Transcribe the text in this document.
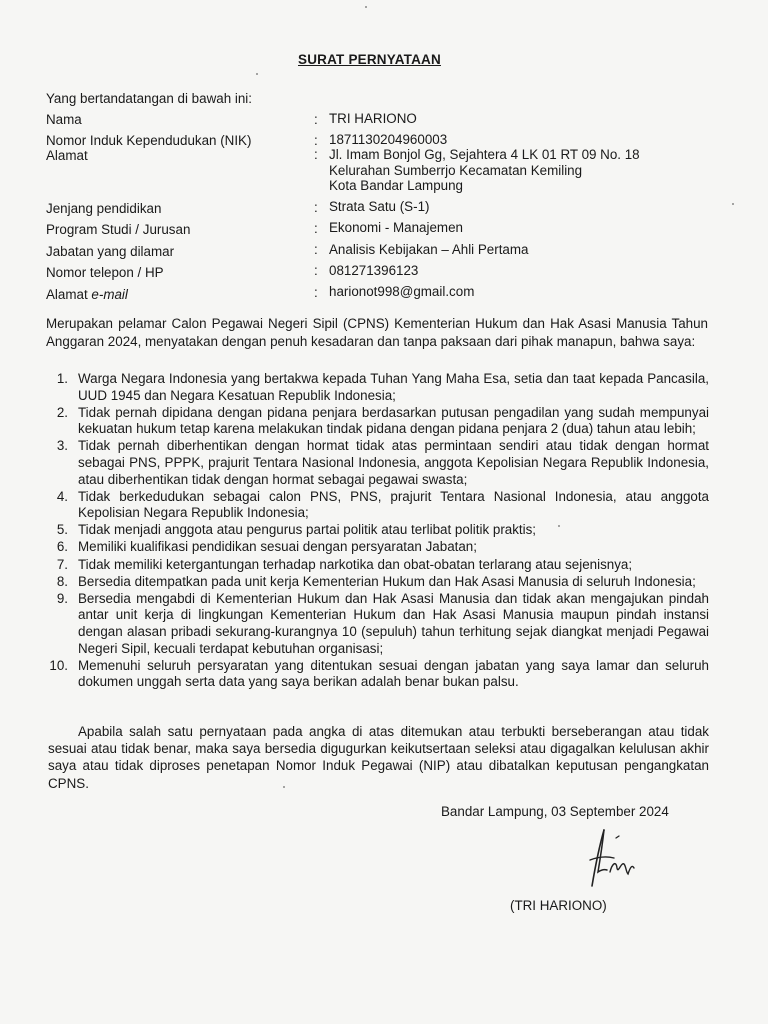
SURAT PERNYATAAN
Yang bertandatangan di bawah ini:
Nama	: TRI HARIONO
Nomor Induk Kependudukan (NIK)	: 1871130204960003
Alamat	: Jl. Imam Bonjol Gg, Sejahtera 4 LK 01 RT 09 No. 18
Kelurahan Sumberrjo Kecamatan Kemiling
Kota Bandar Lampung
Jenjang pendidikan	: Strata Satu (S-1)
Program Studi / Jurusan	: Ekonomi - Manajemen
Jabatan yang dilamar	: Analisis Kebijakan – Ahli Pertama
Nomor telepon / HP	: 081271396123
Alamat e-mail	: harionot998@gmail.com
Merupakan pelamar Calon Pegawai Negeri Sipil (CPNS) Kementerian Hukum dan Hak Asasi Manusia Tahun Anggaran 2024, menyatakan dengan penuh kesadaran dan tanpa paksaan dari pihak manapun, bahwa saya:
1. Warga Negara Indonesia yang bertakwa kepada Tuhan Yang Maha Esa, setia dan taat kepada Pancasila, UUD 1945 dan Negara Kesatuan Republik Indonesia;
2. Tidak pernah dipidana dengan pidana penjara berdasarkan putusan pengadilan yang sudah mempunyai kekuatan hukum tetap karena melakukan tindak pidana dengan pidana penjara 2 (dua) tahun atau lebih;
3. Tidak pernah diberhentikan dengan hormat tidak atas permintaan sendiri atau tidak dengan hormat sebagai PNS, PPPK, prajurit Tentara Nasional Indonesia, anggota Kepolisian Negara Republik Indonesia, atau diberhentikan tidak dengan hormat sebagai pegawai swasta;
4. Tidak berkedudukan sebagai calon PNS, PNS, prajurit Tentara Nasional Indonesia, atau anggota Kepolisian Negara Republik Indonesia;
5. Tidak menjadi anggota atau pengurus partai politik atau terlibat politik praktis;
6. Memiliki kualifikasi pendidikan sesuai dengan persyaratan Jabatan;
7. Tidak memiliki ketergantungan terhadap narkotika dan obat-obatan terlarang atau sejenisnya;
8. Bersedia ditempatkan pada unit kerja Kementerian Hukum dan Hak Asasi Manusia di seluruh Indonesia;
9. Bersedia mengabdi di Kementerian Hukum dan Hak Asasi Manusia dan tidak akan mengajukan pindah antar unit kerja di lingkungan Kementerian Hukum dan Hak Asasi Manusia maupun pindah instansi dengan alasan pribadi sekurang-kurangnya 10 (sepuluh) tahun terhitung sejak diangkat menjadi Pegawai Negeri Sipil, kecuali terdapat kebutuhan organisasi;
10. Memenuhi seluruh persyaratan yang ditentukan sesuai dengan jabatan yang saya lamar dan seluruh dokumen unggah serta data yang saya berikan adalah benar bukan palsu.
Apabila salah satu pernyataan pada angka di atas ditemukan atau terbukti berseberangan atau tidak sesuai atau tidak benar, maka saya bersedia digugurkan keikutsertaan seleksi atau digagalkan kelulusan akhir saya atau tidak diproses penetapan Nomor Induk Pegawai (NIP) atau dibatalkan keputusan pengangkatan CPNS.
Bandar Lampung, 03 September 2024
(TRI HARIONO)
